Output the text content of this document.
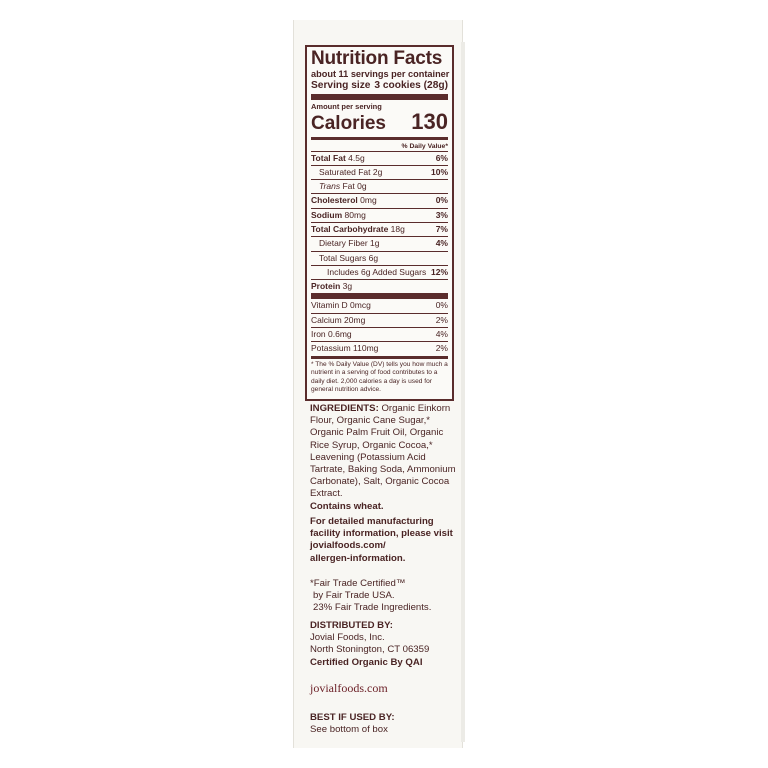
Nutrition Facts
about 11 servings per container
Serving size 3 cookies (28g)
Amount per serving
Calories 130
% Daily Value*
Total Fat 4.5g	6%
Saturated Fat 2g	10%
Trans Fat 0g
Cholesterol 0mg	0%
Sodium 80mg	3%
Total Carbohydrate 18g	7%
Dietary Fiber 1g	4%
Total Sugars 6g
Includes 6g Added Sugars 12%
Protein 3g
Vitamin D 0mcg	0%
Calcium 20mg	2%
Iron 0.6mg	4%
Potassium 110mg	2%
* The % Daily Value (DV) tells you how much a nutrient in a serving of food contributes to a daily diet. 2,000 calories a day is used for general nutrition advice.
INGREDIENTS: Organic Einkorn Flour, Organic Cane Sugar,* Organic Palm Fruit Oil, Organic Rice Syrup, Organic Cocoa,* Leavening (Potassium Acid Tartrate, Baking Soda, Ammonium Carbonate), Salt, Organic Cocoa Extract.
Contains wheat.
For detailed manufacturing
facility information, please visit
jovialfoods.com/
allergen-information.
*Fair Trade Certified™
by Fair Trade USA.
23% Fair Trade Ingredients.
DISTRIBUTED BY:
Jovial Foods, Inc.
North Stonington, CT 06359
Certified Organic By QAI
jovialfoods.com
BEST IF USED BY:
See bottom of box
